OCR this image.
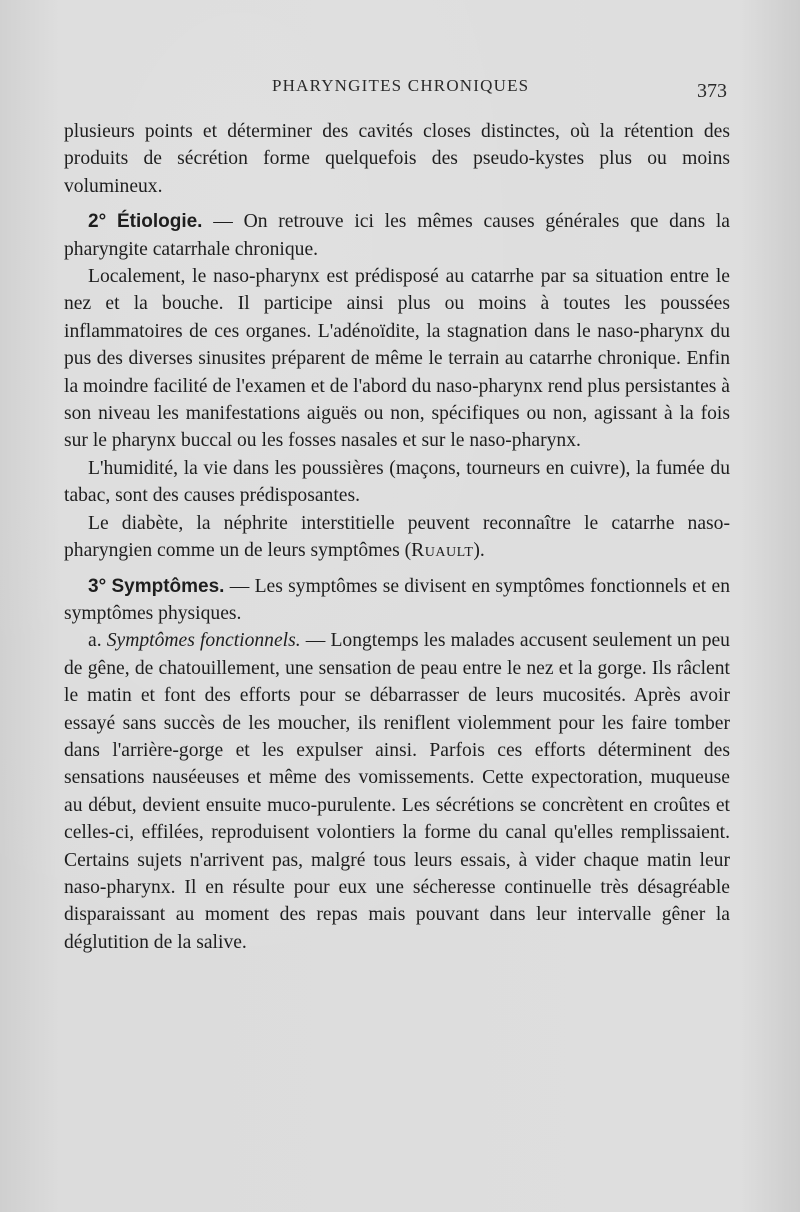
PHARYNGITES CHRONIQUES	373

plusieurs points et déterminer des cavités closes distinctes, où la rétention des produits de sécrétion forme quelquefois des pseudo-kystes plus ou moins volumineux.

2° Étiologie. — On retrouve ici les mêmes causes générales que dans la pharyngite catarrhale chronique.

Localement, le naso-pharynx est prédisposé au catarrhe par sa situation entre le nez et la bouche. Il participe ainsi plus ou moins à toutes les poussées inflammatoires de ces organes. L'adénoïdite, la stagnation dans le naso-pharynx du pus des diverses sinusites préparent de même le terrain au catarrhe chronique. Enfin la moindre facilité de l'examen et de l'abord du naso-pharynx rend plus persistantes à son niveau les manifestations aiguës ou non, spécifiques ou non, agissant à la fois sur le pharynx buccal ou les fosses nasales et sur le naso-pharynx.

L'humidité, la vie dans les poussières (maçons, tourneurs en cuivre), la fumée du tabac, sont des causes prédisposantes.

Le diabète, la néphrite interstitielle peuvent reconnaître le catarrhe naso-pharyngien comme un de leurs symptômes (Ruault).

3° Symptômes. — Les symptômes se divisent en symptômes fonctionnels et en symptômes physiques.

a. Symptômes fonctionnels. — Longtemps les malades accusent seulement un peu de gêne, de chatouillement, une sensation de peau entre le nez et la gorge. Ils râclent le matin et font des efforts pour se débarrasser de leurs mucosités. Après avoir essayé sans succès de les moucher, ils reniflent violemment pour les faire tomber dans l'arrière-gorge et les expulser ainsi. Parfois ces efforts déterminent des sensations nauséeuses et même des vomissements. Cette expectoration, muqueuse au début, devient ensuite muco-purulente. Les sécrétions se concrètent en croûtes et celles-ci, effilées, reproduisent volontiers la forme du canal qu'elles remplissaient. Certains sujets n'arrivent pas, malgré tous leurs essais, à vider chaque matin leur naso-pharynx. Il en résulte pour eux une sécheresse continuelle très désagréable disparaissant au moment des repas mais pouvant dans leur intervalle gêner la déglutition de la salive.
